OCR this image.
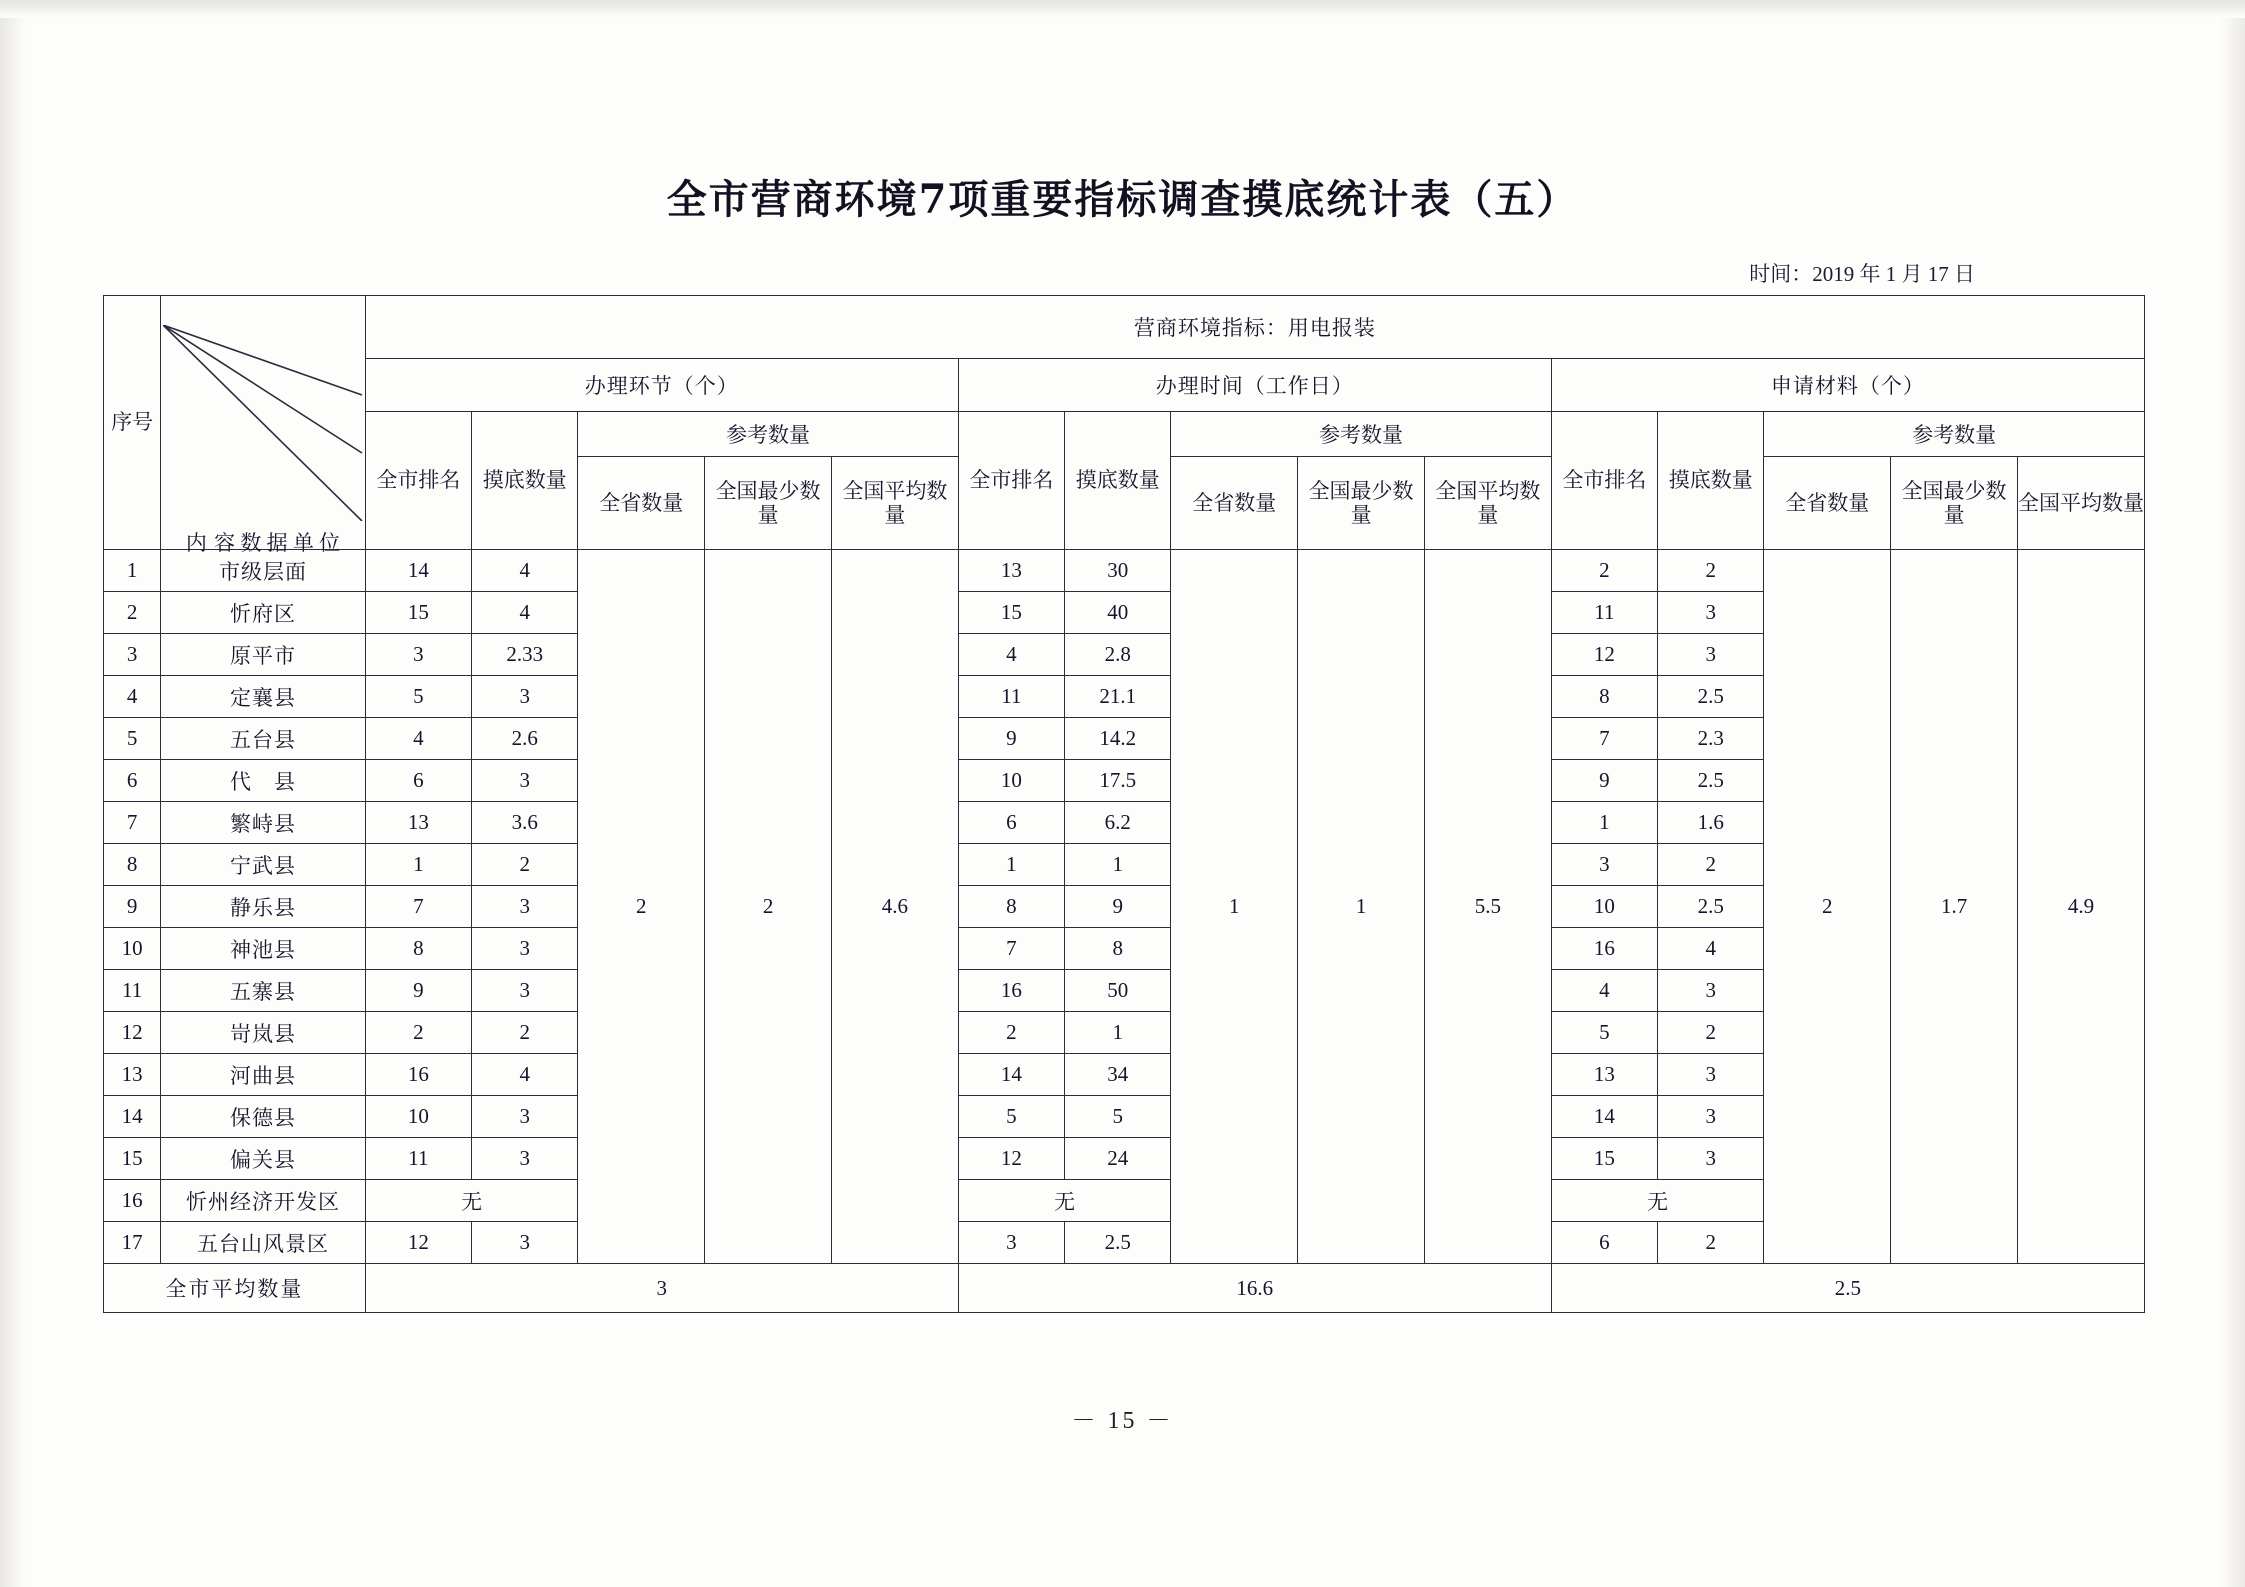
全市营商环境7项重要指标调查摸底统计表（五）
时间：2019 年 1 月 17 日
序号	内 容 数 据 单 位	营商环境指标：用电报装														
		办理环节（个）					办理时间（工作日）					申请材料（个）				

		全市排名	摸底数量	参考数量			全市排名	摸底数量	参考数量			全市排名	摸底数量	参考数量		
				全省数量	全国最少数量	全国平均数量			全省数量	全国最少数量	全国平均数量			全省数量	全国最少数量	全国平均数量
1	市级层面	14	4	2	2	4.6	13	30	1	1	5.5	2	2	2	1.7	4.9
2	忻府区	15	4				15	40				11	3			
3	原平市	3	2.33				4	2.8				12	3			
4	定襄县	5	3				11	21.1				8	2.5			
5	五台县	4	2.6				9	14.2				7	2.3			
6	代　县	6	3				10	17.5				9	2.5			
7	繁峙县	13	3.6				6	6.2				1	1.6			
8	宁武县	1	2				1	1				3	2			
9	静乐县	7	3				8	9				10	2.5			
10	神池县	8	3				7	8				16	4			
11	五寨县	9	3				16	50				4	3			
12	岢岚县	2	2				2	1				5	2			
13	河曲县	16	4				14	34				13	3			
14	保德县	10	3				5	5				14	3			
15	偏关县	11	3				12	24				15	3			
16	忻州经济开发区	无					无					无				
17	五台山风景区	12	3				3	2.5				6	2			
全市平均数量		3					16.6					2.5				
－ 15 －
